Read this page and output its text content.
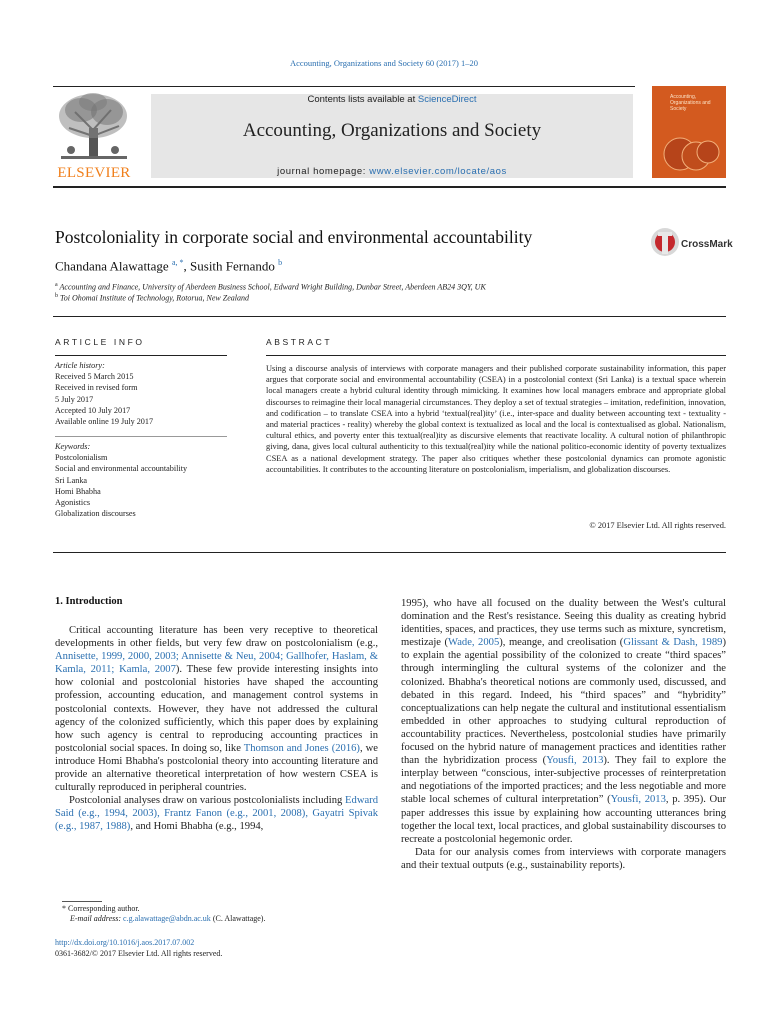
Accounting, Organizations and Society 60 (2017) 1–20
ELSEVIER
Contents lists available at ScienceDirect
Accounting, Organizations and Society
journal homepage: www.elsevier.com/locate/aos
Accounting, Organizations and Society
Postcoloniality in corporate social and environmental accountability	CrossMark
Chandana Alawattage $^{a, *}$, Susith Fernando $^b$
$^a$ Accounting and Finance, University of Aberdeen Business School, Edward Wright Building, Dunbar Street, Aberdeen AB24 3QY, UK
$^b$ Toi Ohomai Institute of Technology, Rotorua, New Zealand
ARTICLE INFO
Article history:
Received 5 March 2015
Received in revised form
5 July 2017
Accepted 10 July 2017
Available online 19 July 2017
Keywords:
Postcolonialism
Social and environmental accountability
Sri Lanka
Homi Bhabha
Agonistics
Globalization discourses
ABSTRACT
Using a discourse analysis of interviews with corporate managers and their published corporate sustainability information, this paper argues that corporate social and environmental accountability (CSEA) in a postcolonial context (Sri Lanka) is a textual space wherein local managers create a hybrid cultural identity through mimicking. It examines how local managers embrace and appropriate global discourses to reimagine their local managerial circumstances. They deploy a set of textual strategies – imitation, redefinition, innovation, and codification – to translate CSEA into a hybrid ‘textual(real)ity’ (i.e., inter-space and duality between accounting text - textuality - and material practices - reality) whereby the global context is textualized as local and the local is contextualised as global. Nationalism, cultural ethics, and poverty enter this textual(real)ity as discursive elements that reactivate locality. A cultural notion of philanthropic giving, dana, gives local cultural authenticity to this textual(real)ity while the national politico-economic identity of poverty textualizes CSEA as a national development strategy. The paper also critiques whether these postcolonial dynamics can promote agonistic accountabilities. It contributes to the accounting literature on postcolonialism, imperialism, and globalization discourses.
© 2017 Elsevier Ltd. All rights reserved.
1. Introduction

Critical accounting literature has been very receptive to theoretical developments in other fields, but very few draw on postcolonialism (e.g., Annisette, 1999, 2000, 2003; Annisette & Neu, 2004; Gallhofer, Haslam, & Kamla, 2011; Kamla, 2007). These few provide interesting insights into how colonial and postcolonial histories have shaped the accounting profession, accounting education, and management control systems in postcolonial contexts. However, they have not addressed the cultural agency of the colonized sufficiently, which this paper does by explaining how such agency is central to reproducing accounting practices in postcolonial social spaces. In doing so, like Thomson and Jones (2016), we introduce Homi Bhabha's postcolonial theory into accounting literature and provide an alternative theoretical interpretation of how western CSEA is culturally reproduced in peripheral countries.

Postcolonial analyses draw on various postcolonialists including Edward Said (e.g., 1994, 2003), Frantz Fanon (e.g., 2001, 2008), Gayatri Spivak (e.g., 1987, 1988), and Homi Bhabha (e.g., 1994,

1995), who have all focused on the duality between the West's cultural domination and the Rest's resistance. Seeing this duality as creating hybrid identities, spaces, and practices, they use terms such as mixture, syncretism, mestizaje (Wade, 2005), meange, and creolisation (Glissant & Dash, 1989) to explain the agential possibility of the colonized to create “third spaces” through intermingling the cultural systems of the colonizer and the colonized. Bhabha's theoretical notions are commonly used, discussed, and debated in this regard. Indeed, his “third spaces” and “hybridity” conceptualizations can help negate the cultural and institutional essentialism embedded in other approaches to studying cultural reproduction of accountability practices. Nevertheless, postcolonial studies have primarily focused on the hybrid nature of management practices and identities rather than the hybridization process (Yousfi, 2013). They fail to explore the interplay between “conscious, inter-subjective processes of reinterpretation and negotiations of the imported practices; and the less negotiable and more stable local schemes of cultural interpretation” (Yousfi, 2013, p. 395). Our paper addresses this issue by explaining how accounting utterances bring together the local text, local practices, and global sustainability discourses to recreate a postcolonial hegemonic order.

Data for our analysis comes from interviews with corporate managers and their textual outputs (e.g., sustainability reports).

* Corresponding author.
E-mail address: c.g.alawattage@abdn.ac.uk (C. Alawattage).
http://dx.doi.org/10.1016/j.aos.2017.07.002
0361-3682/© 2017 Elsevier Ltd. All rights reserved.
